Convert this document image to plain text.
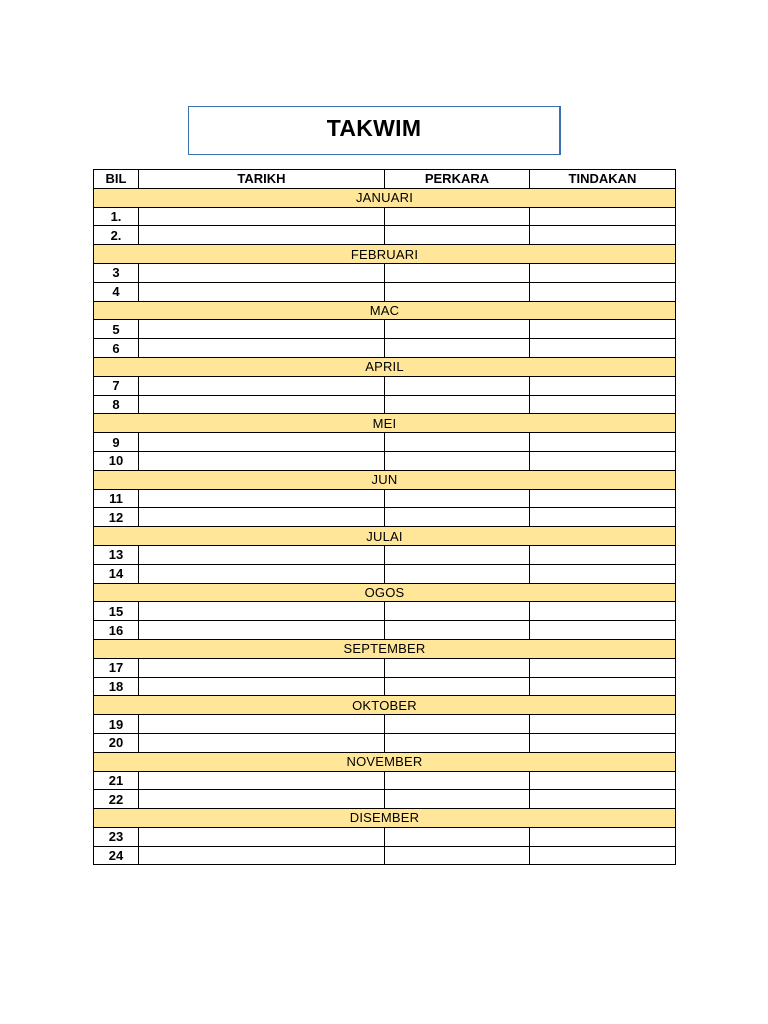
TAKWIM
BIL	TARIKH	PERKARA	TINDAKAN
JANUARI			
1.			
2.			
FEBRUARI			
3			
4			
MAC			
5			
6			
APRIL			
7			
8			
MEI			
9			
10			
JUN			
11			
12			
JULAI			
13			
14			
OGOS			
15			
16			
SEPTEMBER			
17			
18			
OKTOBER			
19			
20			
NOVEMBER			
21			
22			
DISEMBER			
23			
24			
